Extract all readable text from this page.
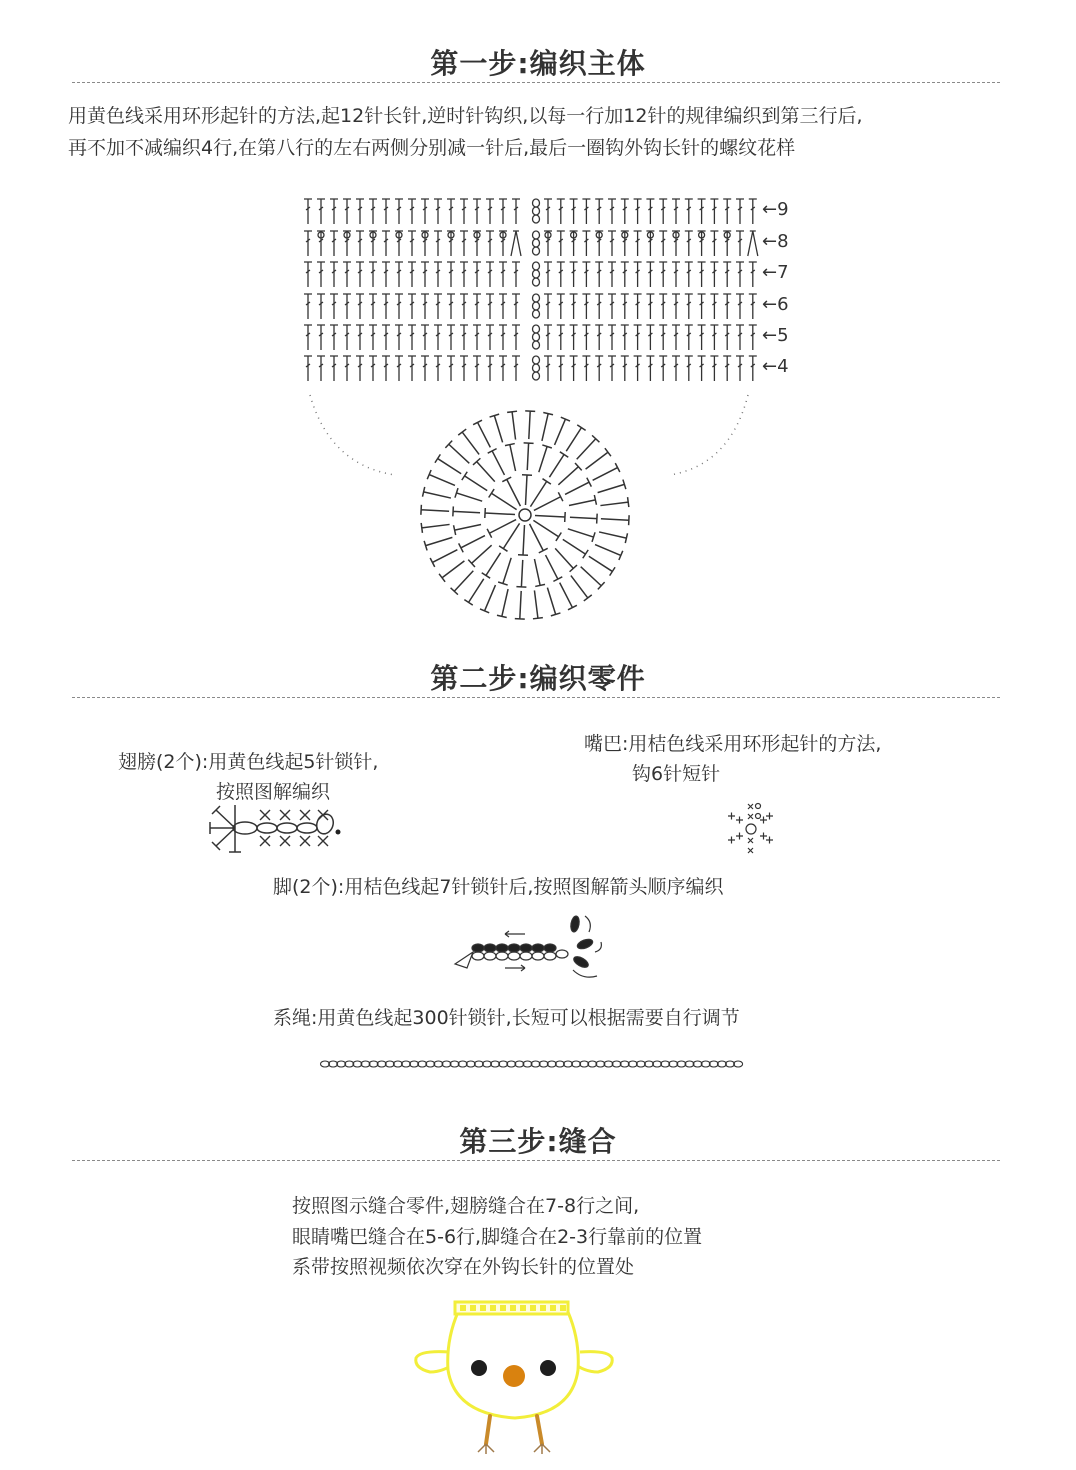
第一步:编织主体
用黄色线采用环形起针的方法,起12针长针,逆时针钩织,以每一行加12针的规律编织到第三行后,
再不加不减编织4行,在第八行的左右两侧分别减一针后,最后一圈钩外钩长针的螺纹花样
←9
←8
←7
←6
←5
←4
第二步:编织零件
翅膀(2个):用黄色线起5针锁针,
按照图解编织
嘴巴:用桔色线采用环形起针的方法,
钩6针短针
脚(2个):用桔色线起7针锁针后,按照图解箭头顺序编织
系绳:用黄色线起300针锁针,长短可以根据需要自行调节
第三步:缝合
按照图示缝合零件,翅膀缝合在7-8行之间,
眼睛嘴巴缝合在5-6行,脚缝合在2-3行靠前的位置
系带按照视频依次穿在外钩长针的位置处
